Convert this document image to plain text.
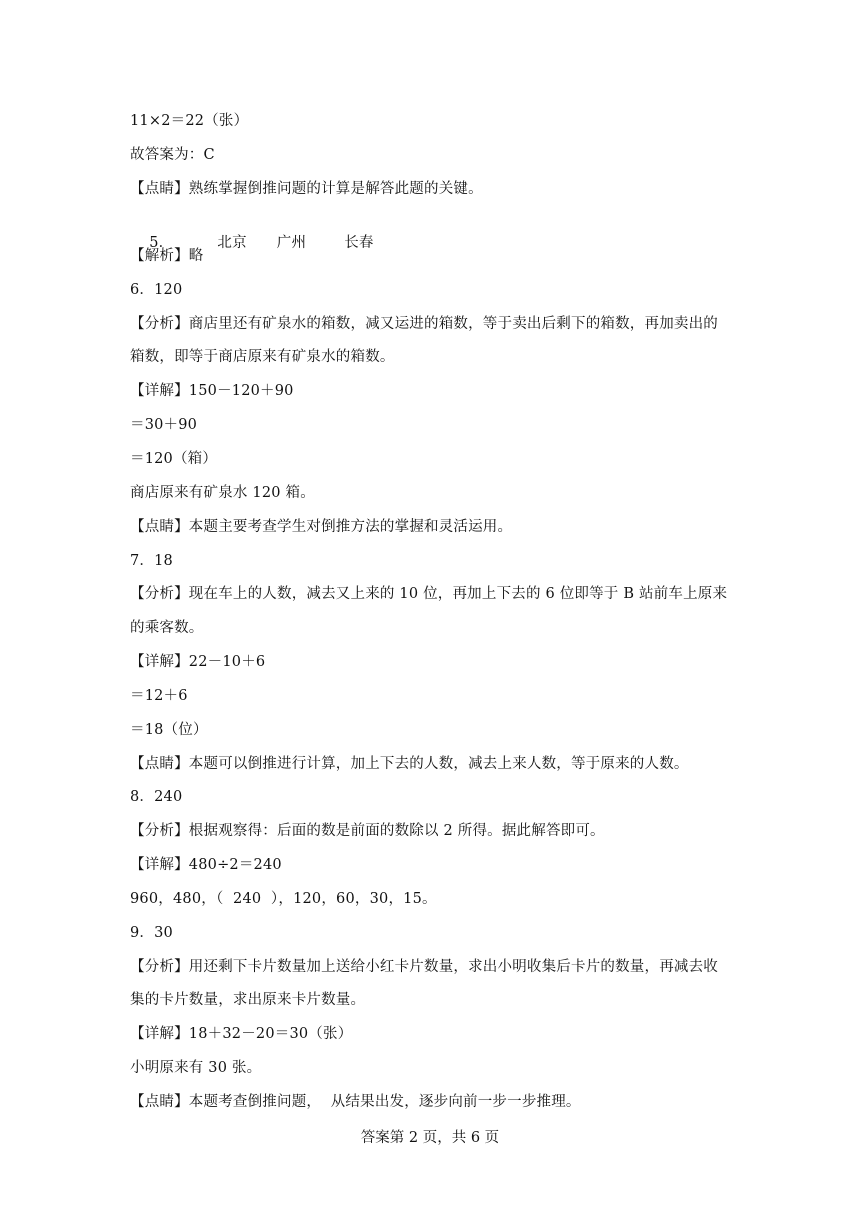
11×2＝22（张）
故答案为：C
【点睛】熟练掌握倒推问题的计算是解答此题的关键。

5．	北京 广州	长春

【解析】略
6．120
【分析】商店里还有矿泉水的箱数，减又运进的箱数，等于卖出后剩下的箱数，再加卖出的
箱数，即等于商店原来有矿泉水的箱数。
【详解】150－120＋90
＝30＋90
＝120（箱）
商店原来有矿泉水 120 箱。
【点睛】本题主要考查学生对倒推方法的掌握和灵活运用。
7．18
【分析】现在车上的人数，减去又上来的 10 位，再加上下去的 6 位即等于 B 站前车上原来
的乘客数。
【详解】22－10＋6
＝12＋6
＝18（位）
【点睛】本题可以倒推进行计算，加上下去的人数，减去上来人数，等于原来的人数。
8．240
【分析】根据观察得：后面的数是前面的数除以 2 所得。据此解答即可。
【详解】480÷2＝240
960，480，（  240  ），120，60，30，15。
9．30
【分析】用还剩下卡片数量加上送给小红卡片数量，求出小明收集后卡片的数量，再减去收
集的卡片数量，求出原来卡片数量。
【详解】18＋32－20＝30（张）
小明原来有 30 张。
【点睛】本题考查倒推问题，  从结果出发，逐步向前一步一步推理。
答案第 2 页，共 6 页
